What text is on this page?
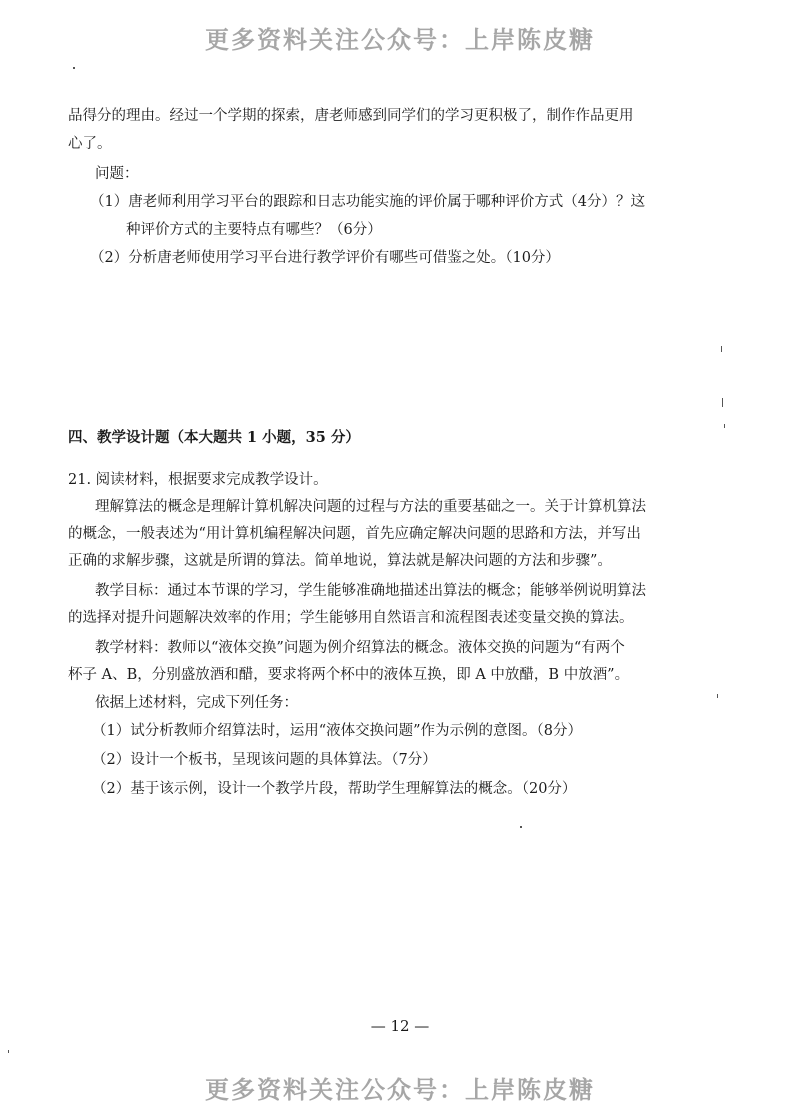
更多资料关注公众号：上岸陈皮糖
品得分的理由。经过一个学期的探索，唐老师感到同学们的学习更积极了，制作作品更用
心了。
问题：
（1）唐老师利用学习平台的跟踪和日志功能实施的评价属于哪种评价方式（4分）？这
种评价方式的主要特点有哪些？（6分）
（2）分析唐老师使用学习平台进行教学评价有哪些可借鉴之处。（10分）
四、教学设计题（本大题共 1 小题，35 分）
21. 阅读材料，根据要求完成教学设计。
理解算法的概念是理解计算机解决问题的过程与方法的重要基础之一。关于计算机算法
的概念，一般表述为“用计算机编程解决问题，首先应确定解决问题的思路和方法，并写出
正确的求解步骤，这就是所谓的算法。简单地说，算法就是解决问题的方法和步骤”。
教学目标：通过本节课的学习，学生能够准确地描述出算法的概念；能够举例说明算法
的选择对提升问题解决效率的作用；学生能够用自然语言和流程图表述变量交换的算法。
教学材料：教师以“液体交换”问题为例介绍算法的概念。液体交换的问题为“有两个
杯子 A、B，分别盛放酒和醋，要求将两个杯中的液体互换，即 A 中放醋，B 中放酒”。
依据上述材料，完成下列任务：
（1）试分析教师介绍算法时，运用“液体交换问题”作为示例的意图。（8分）
（2）设计一个板书，呈现该问题的具体算法。（7分）
（2）基于该示例，设计一个教学片段，帮助学生理解算法的概念。（20分）
— 12 —
更多资料关注公众号：上岸陈皮糖
